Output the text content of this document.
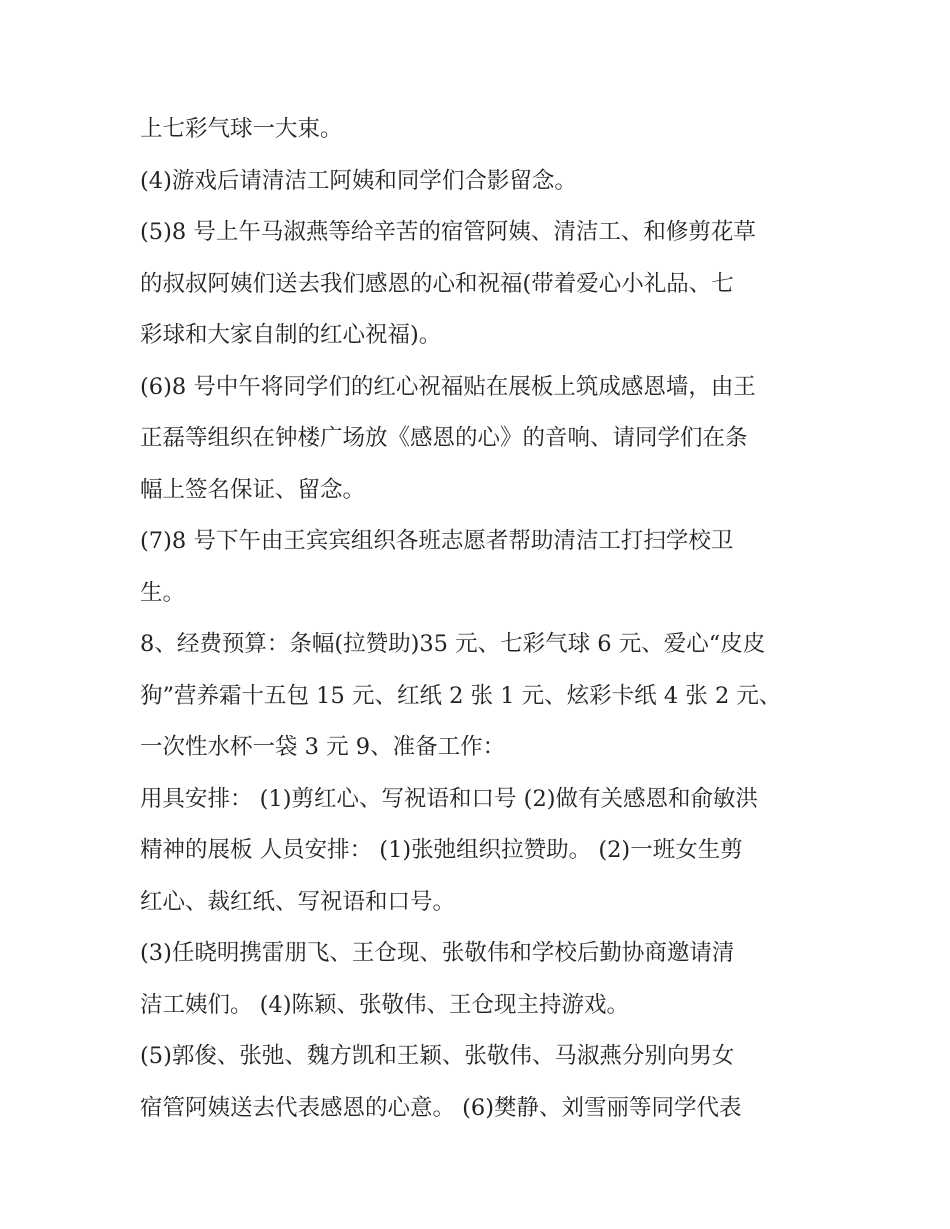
上七彩气球一大束。

(4)游戏后请清洁工阿姨和同学们合影留念。

(5)8 号上午马淑燕等给辛苦的宿管阿姨、清洁工、和修剪花草

的叔叔阿姨们送去我们感恩的心和祝福(带着爱心小礼品、七

彩球和大家自制的红心祝福)。

(6)8 号中午将同学们的红心祝福贴在展板上筑成感恩墙，由王

正磊等组织在钟楼广场放《感恩的心》的音响、请同学们在条

幅上签名保证、留念。

(7)8 号下午由王宾宾组织各班志愿者帮助清洁工打扫学校卫

生。

8、经费预算：条幅(拉赞助)35 元、七彩气球 6 元、爱心“皮皮

狗”营养霜十五包 15 元、红纸 2 张 1 元、炫彩卡纸 4 张 2 元、

一次性水杯一袋 3 元 9、准备工作：

用具安排： (1)剪红心、写祝语和口号 (2)做有关感恩和俞敏洪

精神的展板 人员安排： (1)张弛组织拉赞助。 (2)一班女生剪

红心、裁红纸、写祝语和口号。

(3)任晓明携雷朋飞、王仓现、张敬伟和学校后勤协商邀请清

洁工姨们。 (4)陈颖、张敬伟、王仓现主持游戏。

(5)郭俊、张弛、魏方凯和王颖、张敬伟、马淑燕分别向男女

宿管阿姨送去代表感恩的心意。 (6)樊静、刘雪丽等同学代表
